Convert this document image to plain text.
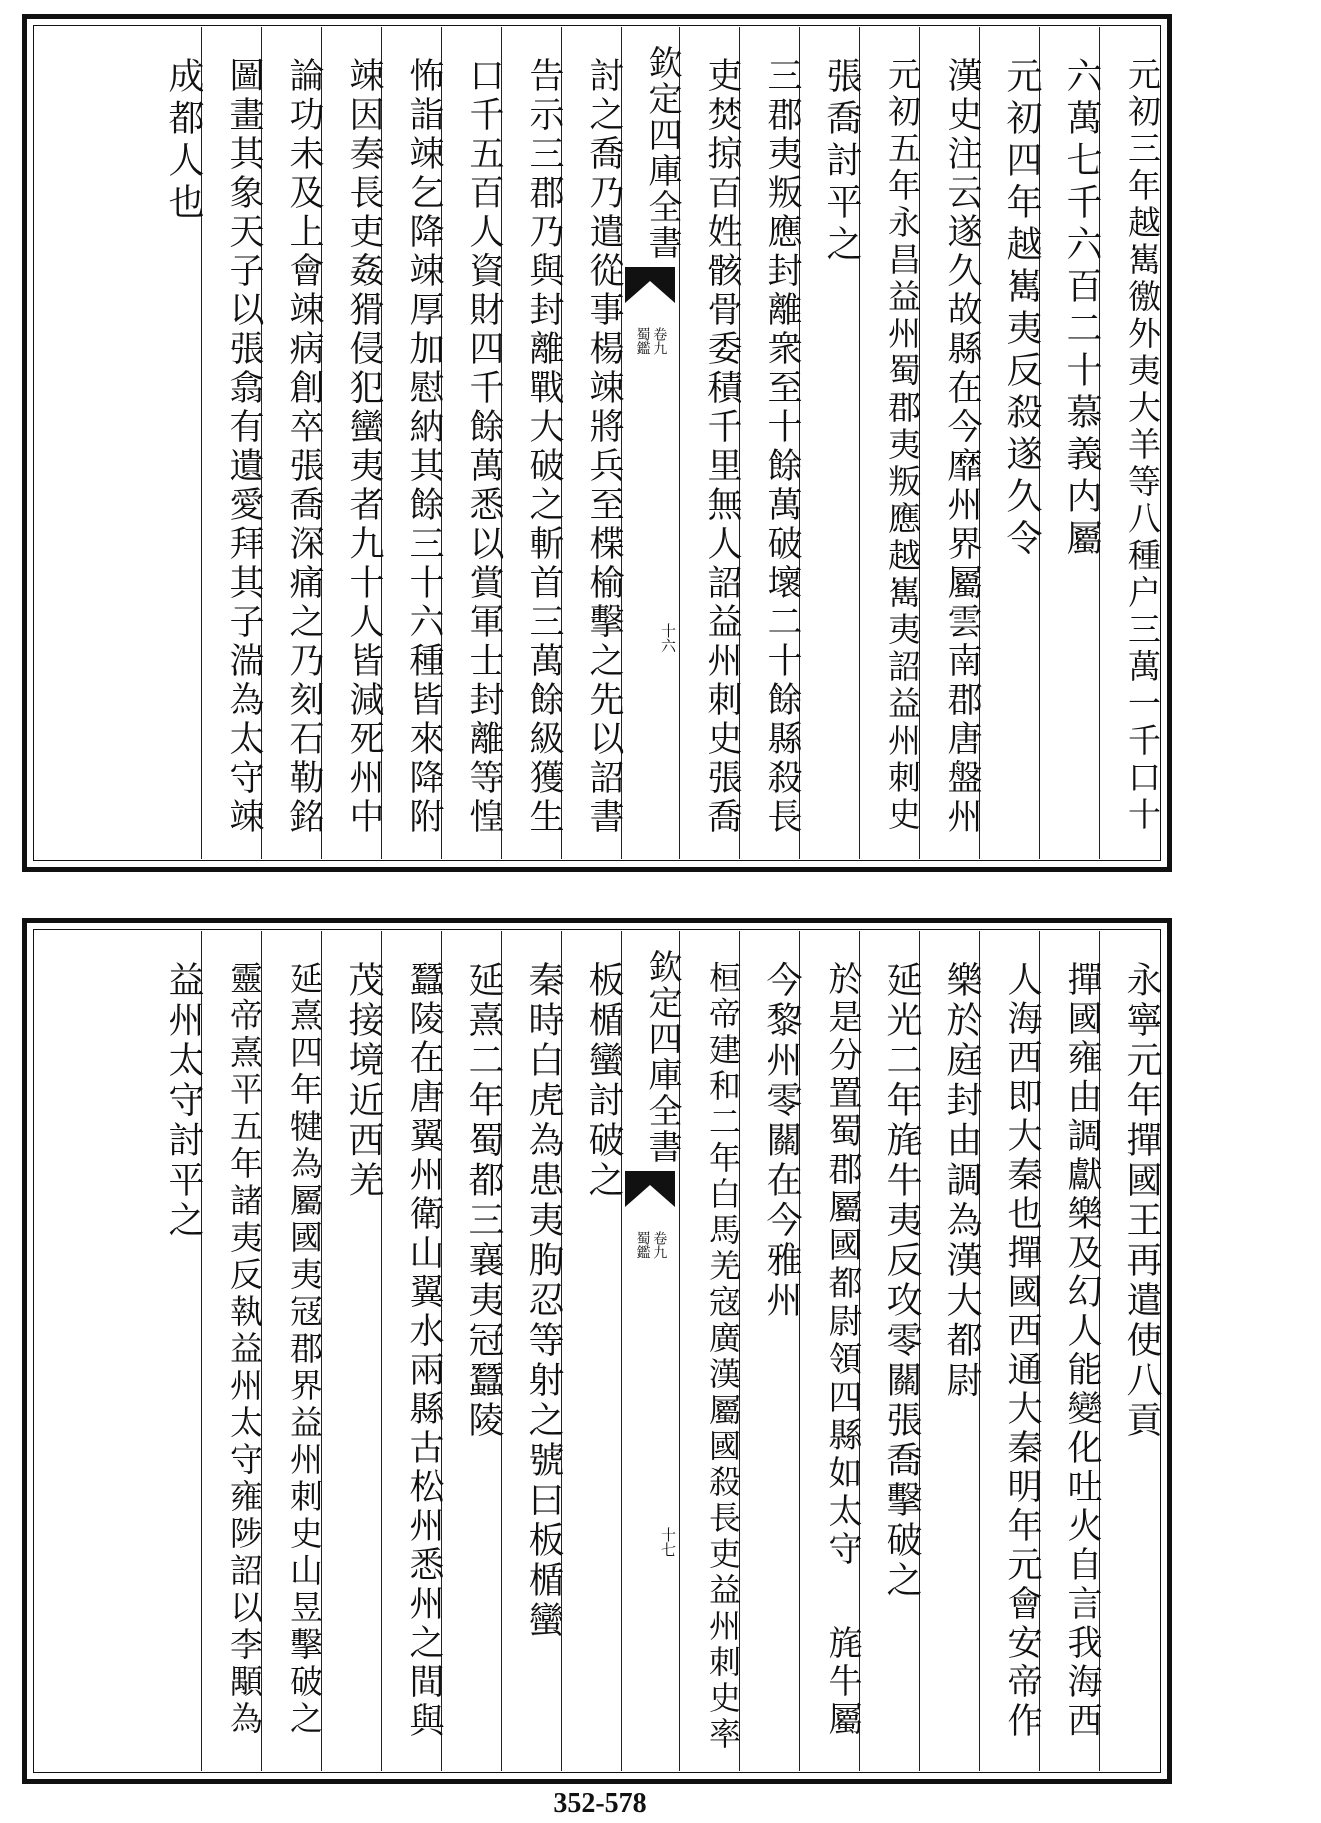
元初三年越嶲徼外夷大羊等八種户三萬一千口十
六萬七千六百二十慕義内屬
元初四年越嶲夷反殺遂久令
漢史注云遂久故縣在今靡州界屬雲南郡唐盤州
元初五年永昌益州蜀郡夷叛應越嶲夷詔益州刺史
張喬討平之
三郡夷叛應封離衆至十餘萬破壞二十餘縣殺長
吏焚掠百姓骸骨委積千里無人詔益州刺史張喬
欽定四庫全書
蜀鑑 卷九
十六
討之喬乃遣從事楊竦將兵至楪榆擊之先以詔書
告示三郡乃與封離戰大破之斬首三萬餘級獲生
口千五百人資財四千餘萬悉以賞軍士封離等惶
怖詣竦乞降竦厚加慰納其餘三十六種皆來降附
竦因奏長吏姦猾侵犯蠻夷者九十人皆減死州中
論功未及上會竦病創卒張喬深痛之乃刻石勒銘
圖畫其象天子以張翕有遺愛拜其子湍為太守竦
成都人也
永寧元年撣國王再遣使八貢
撣國雍由調獻樂及幻人能變化吐火自言我海西
人海西即大秦也撣國西通大秦明年元會安帝作
樂於庭封由調為漢大都尉
延光二年旄牛夷反攻零關張喬擊破之
於是分置蜀郡屬國都尉領四縣如太守
旄牛屬
今黎州零關在今雅州
桓帝建和二年白馬羌寇廣漢屬國殺長吏益州刺史率
欽定四庫全書
蜀鑑 卷九
十七
板楯蠻討破之
秦時白虎為患夷朐忍等射之號曰板楯蠻
延熹二年蜀都三襄夷冠蠶陵
蠶陵在唐翼州衛山翼水兩縣古松州悉州之間與
茂接境近西羌
延熹四年犍為屬國夷冦郡界益州刺史山昱擊破之
靈帝熹平五年諸夷反執益州太守雍陟詔以李顒為
益州太守討平之
352-578
